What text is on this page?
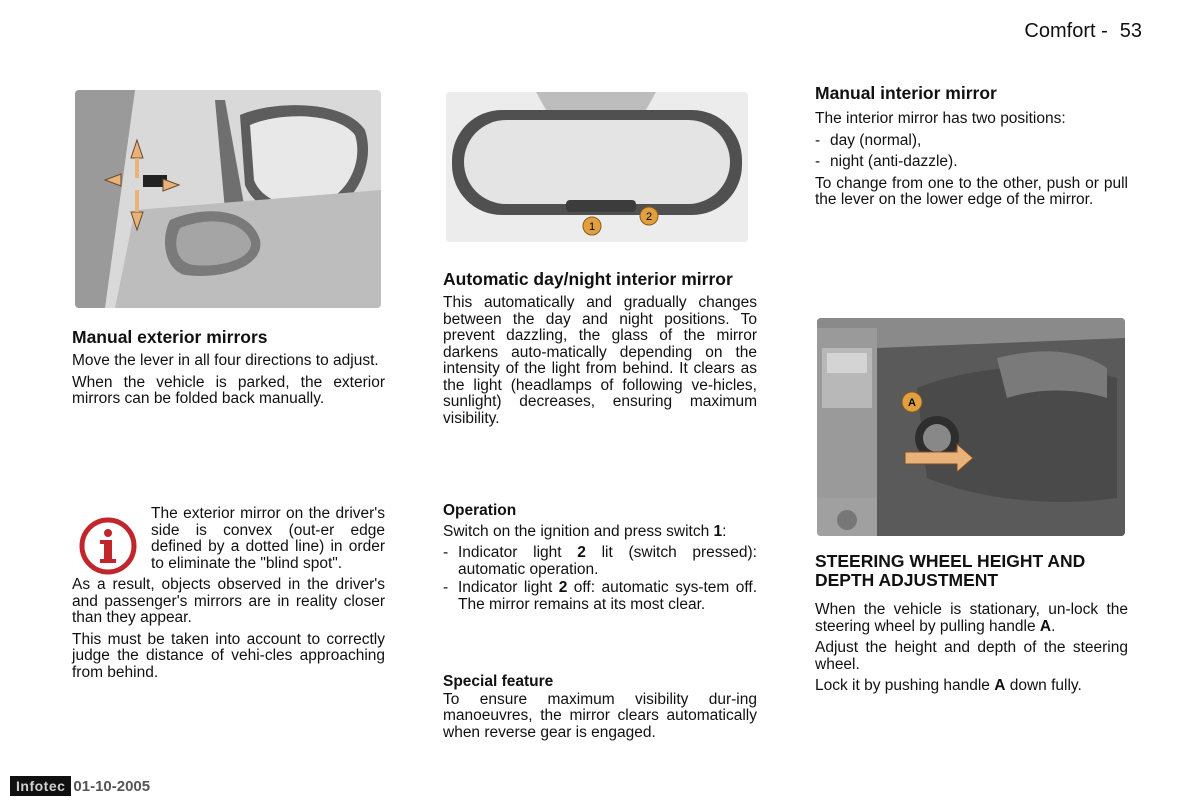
Comfort - 53
Manual exterior mirrors

Move the lever in all four directions to adjust.

When the vehicle is parked, the exterior mirrors can be folded back manually.

The exterior mirror on the driver's side is convex (out-er edge defined by a dotted line) in order to eliminate the "blind spot".

As a result, objects observed in the driver's and passenger's mirrors are in reality closer than they appear.

This must be taken into account to correctly judge the distance of vehi-cles approaching from behind.

1
2
Automatic day/night interior mirror

This automatically and gradually changes between the day and night positions. To prevent dazzling, the glass of the mirror darkens auto-matically depending on the intensity of the light from behind. It clears as the light (headlamps of following ve-hicles, sunlight) decreases, ensuring maximum visibility.

Operation

Switch on the ignition and press switch 1:

- Indicator light 2 lit (switch pressed): automatic operation.
- Indicator light 2 off: automatic sys-tem off. The mirror remains at its most clear.
Special feature

To ensure maximum visibility dur-ing manoeuvres, the mirror clears automatically when reverse gear is engaged.

Manual interior mirror

The interior mirror has two positions:

- day (normal),
- night (anti-dazzle).

To change from one to the other, push or pull the lever on the lower edge of the mirror.

A
STEERING WHEEL HEIGHT AND DEPTH ADJUSTMENT

When the vehicle is stationary, un-lock the steering wheel by pulling handle A.

Adjust the height and depth of the steering wheel.

Lock it by pushing handle A down fully.

Infotec 01-10-2005
